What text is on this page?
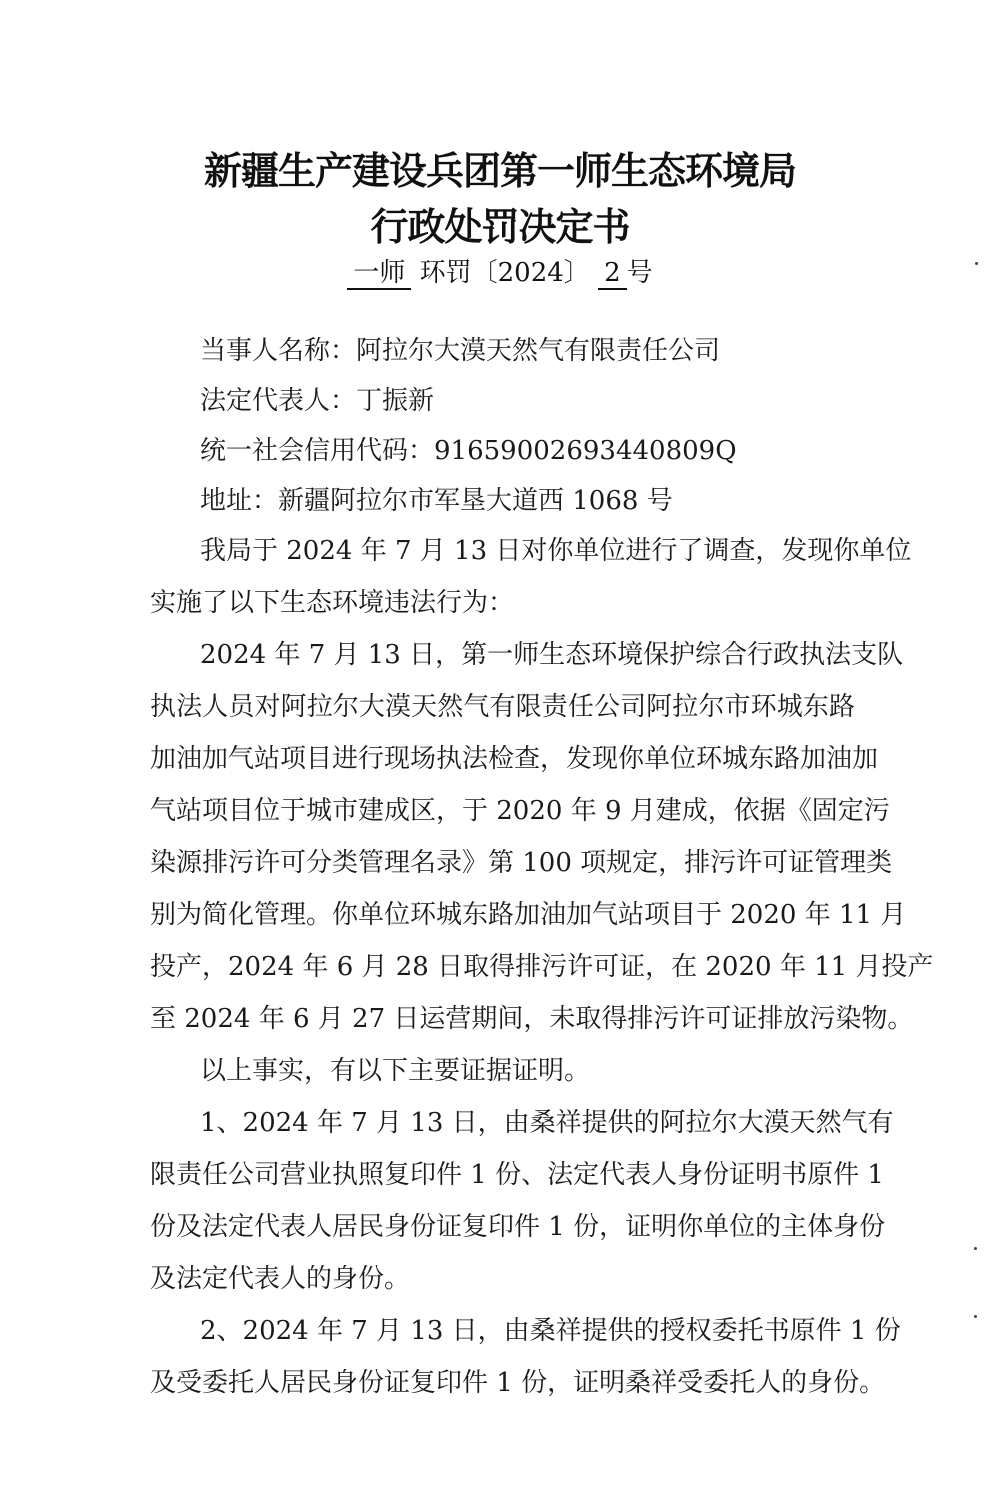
新疆生产建设兵团第一师生态环境局
行政处罚决定书
一师 环罚〔2024〕 2 号
当事人名称：阿拉尔大漠天然气有限责任公司
法定代表人：丁振新
统一社会信用代码：91659002693440809Q
地址：新疆阿拉尔市军垦大道西 1068 号
我局于 2024 年 7 月 13 日对你单位进行了调查，发现你单位
实施了以下生态环境违法行为：
2024 年 7 月 13 日，第一师生态环境保护综合行政执法支队
执法人员对阿拉尔大漠天然气有限责任公司阿拉尔市环城东路
加油加气站项目进行现场执法检查，发现你单位环城东路加油加
气站项目位于城市建成区，于 2020 年 9 月建成，依据《固定污
染源排污许可分类管理名录》第 100 项规定，排污许可证管理类
别为简化管理。你单位环城东路加油加气站项目于 2020 年 11 月
投产，2024 年 6 月 28 日取得排污许可证，在 2020 年 11 月投产
至 2024 年 6 月 27 日运营期间，未取得排污许可证排放污染物。
以上事实，有以下主要证据证明。
1、2024 年 7 月 13 日，由桑祥提供的阿拉尔大漠天然气有
限责任公司营业执照复印件 1 份、法定代表人身份证明书原件 1
份及法定代表人居民身份证复印件 1 份，证明你单位的主体身份
及法定代表人的身份。
2、2024 年 7 月 13 日，由桑祥提供的授权委托书原件 1 份
及受委托人居民身份证复印件 1 份，证明桑祥受委托人的身份。
